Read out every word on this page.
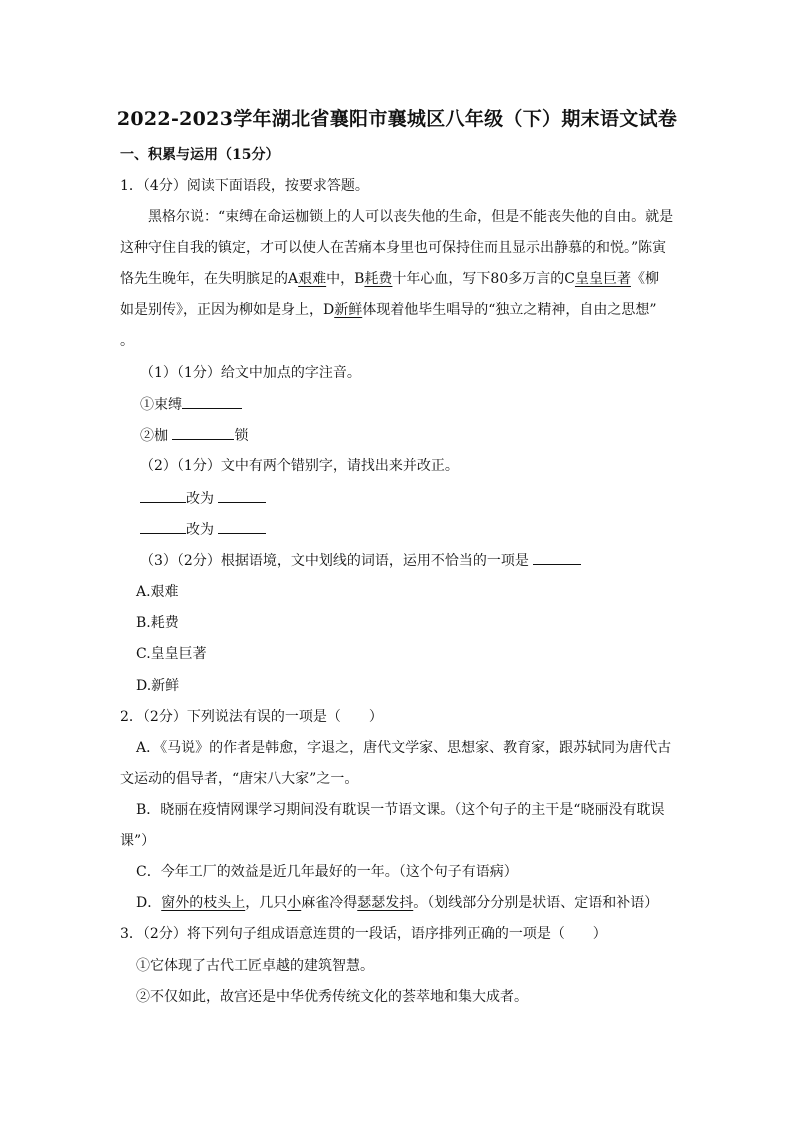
2022-2023学年湖北省襄阳市襄城区八年级（下）期末语文试卷
一、积累与运用（15分）
1．（4分）阅读下面语段，按要求答题。
黑格尔说：“束缚在命运枷锁上的人可以丧失他的生命，但是不能丧失他的自由。就是
这种守住自我的镇定，才可以使人在苦痛本身里也可保持住而且显示出静慕的和悦。”陈寅
恪先生晚年，在失明膑足的A艰难中，B耗费十年心血，写下80多万言的C皇皇巨著《柳
如是别传》，正因为柳如是身上，D新鲜体现着他毕生唱导的“独立之精神，自由之思想”
。
（1）（1分）给文中加点的字注音。
①束缚
②枷	锁
（2）（1分）文中有两个错别字，请找出来并改正。
改为
改为
（3）（2分）根据语境，文中划线的词语，运用不恰当的一项是
A.艰难
B.耗费
C.皇皇巨著
D.新鲜
2．（2分）下列说法有误的一项是（　　）
A．《马说》的作者是韩愈，字退之，唐代文学家、思想家、教育家，跟苏轼同为唐代古
文运动的倡导者，“唐宋八大家”之一。
B．晓丽在疫情网课学习期间没有耽误一节语文课。（这个句子的主干是“晓丽没有耽误
课”）
C．今年工厂的效益是近几年最好的一年。（这个句子有语病）
D．窗外的枝头上，几只小麻雀冷得瑟瑟发抖。（划线部分分别是状语、定语和补语）
3．（2分）将下列句子组成语意连贯的一段话，语序排列正确的一项是（　　）
①它体现了古代工匠卓越的建筑智慧。
②不仅如此，故宫还是中华优秀传统文化的荟萃地和集大成者。
